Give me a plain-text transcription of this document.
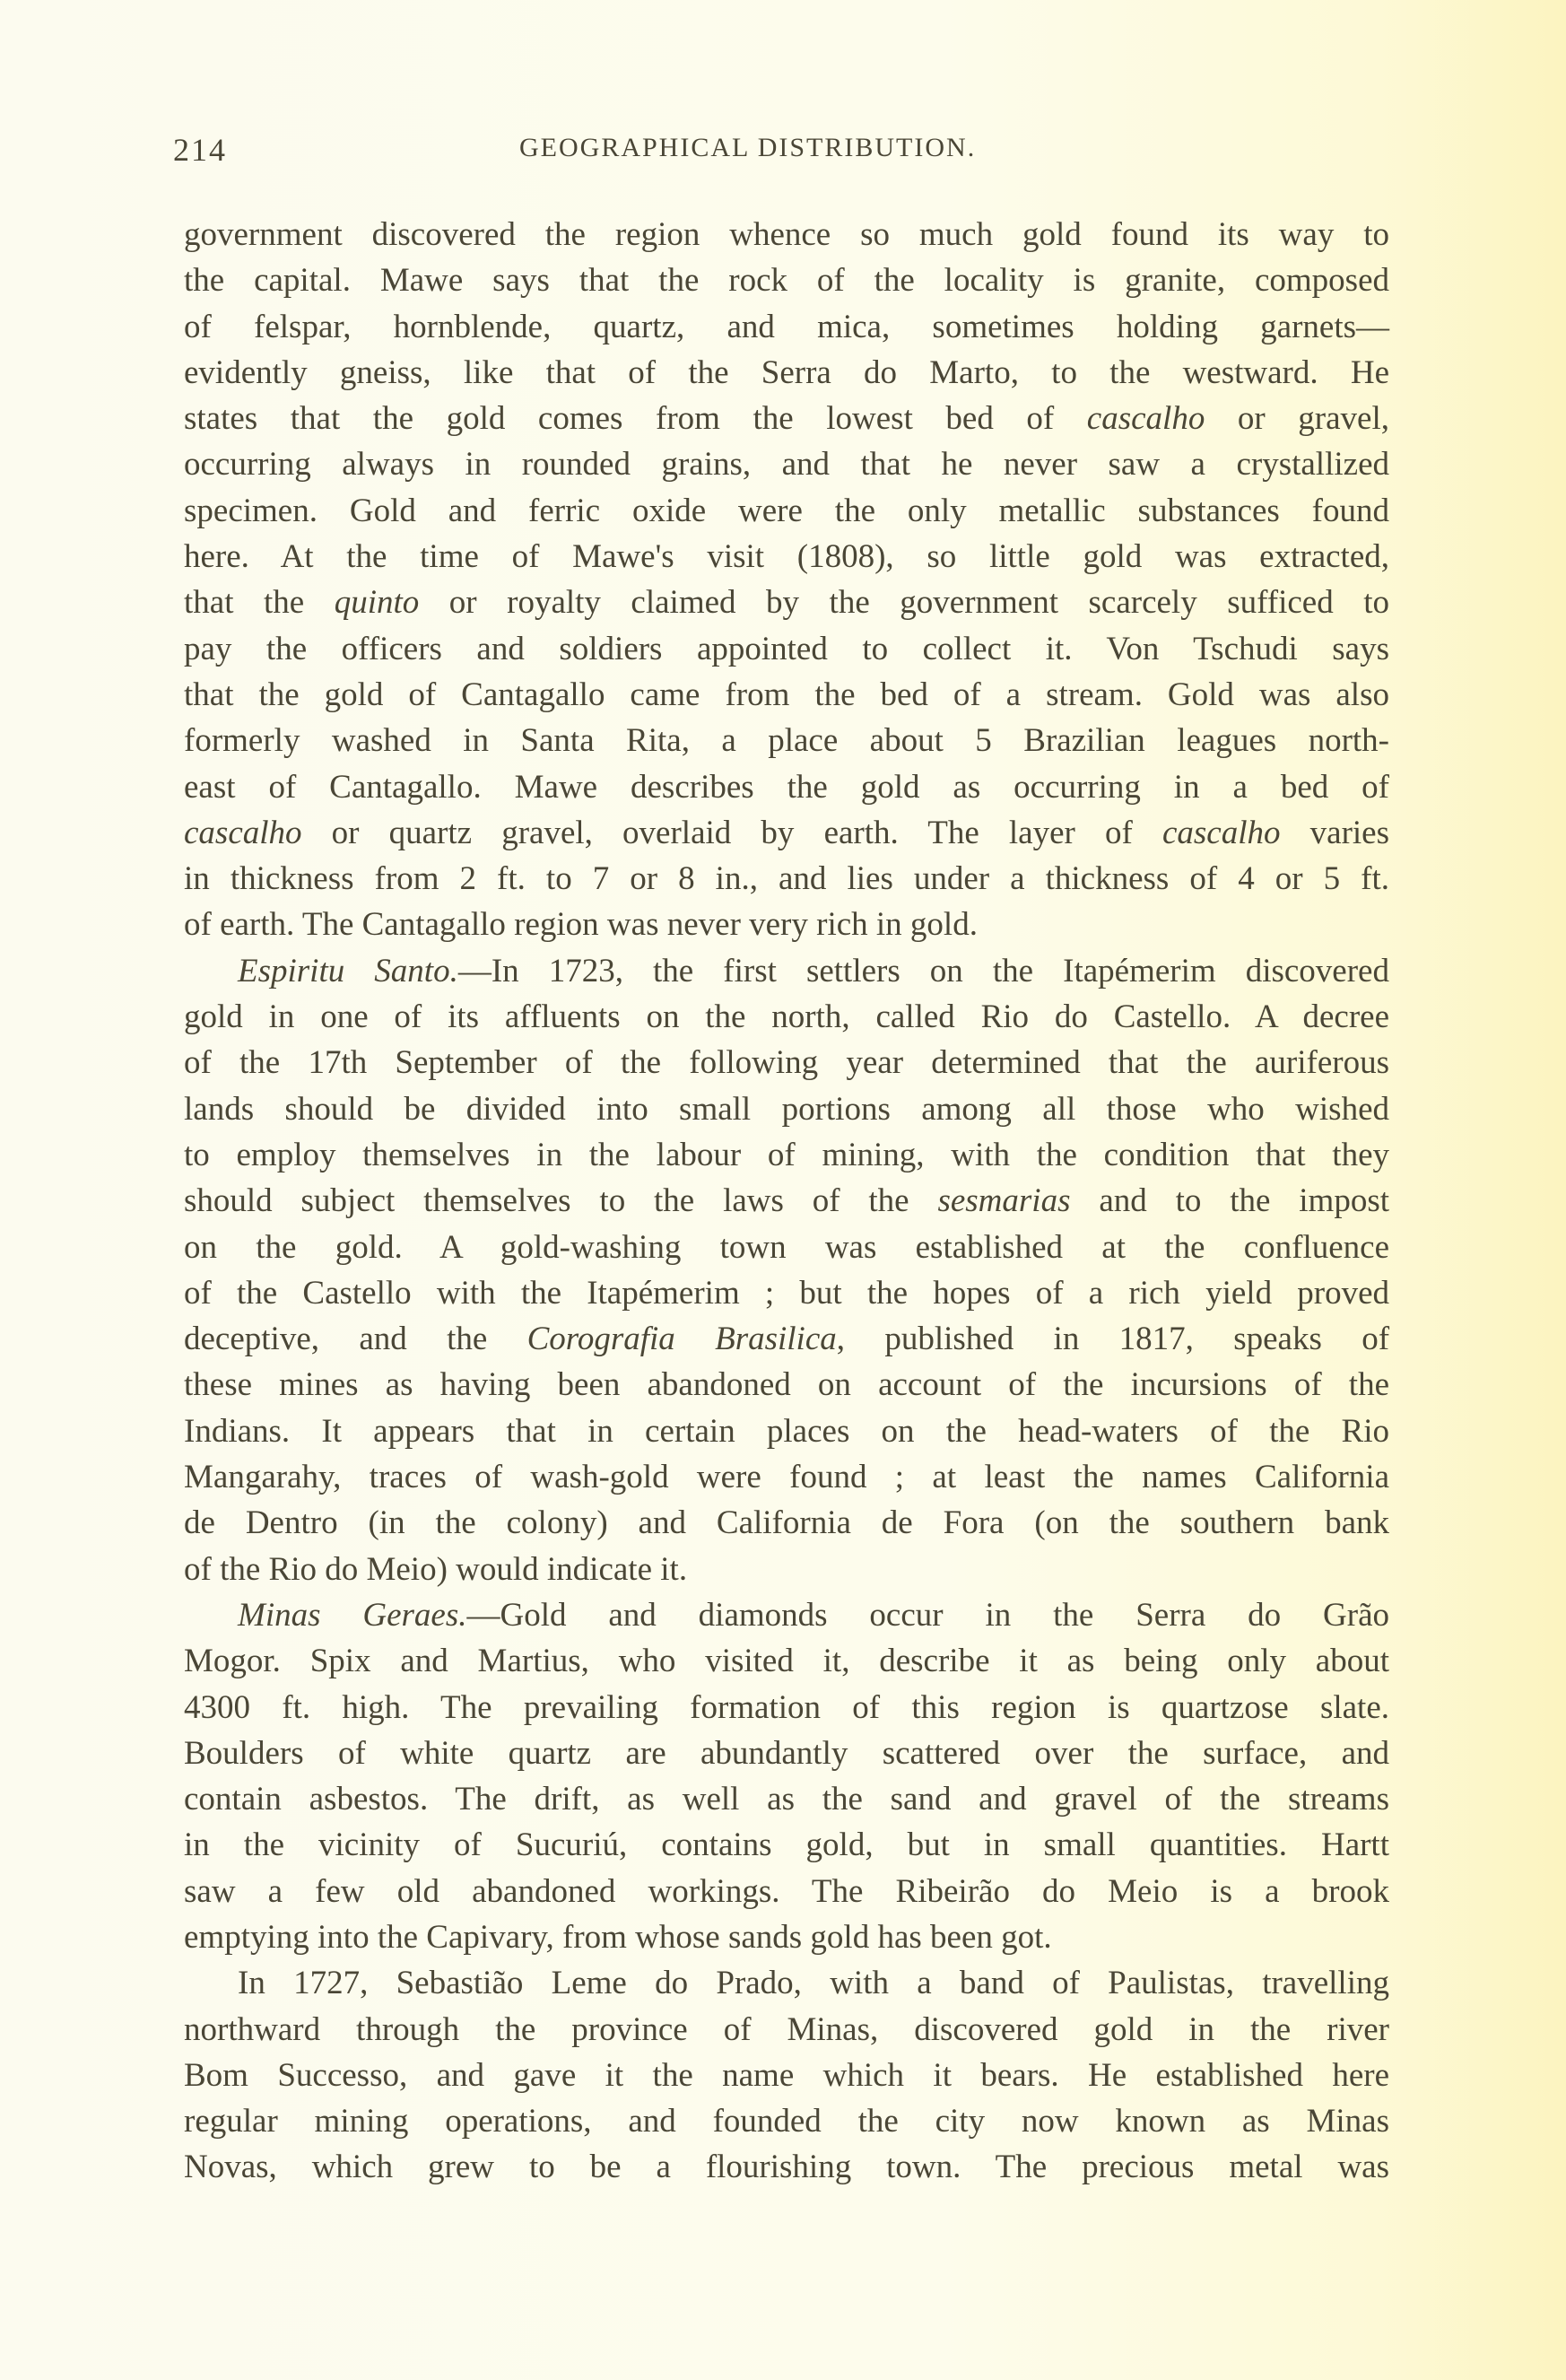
214	GEOGRAPHICAL DISTRIBUTION.
government discovered the region whence so much gold found its way to
the capital. Mawe says that the rock of the locality is granite, composed
of felspar, hornblende, quartz, and mica, sometimes holding garnets—
evidently gneiss, like that of the Serra do Marto, to the westward. He
states that the gold comes from the lowest bed of cascalho or gravel,
occurring always in rounded grains, and that he never saw a crystallized
specimen. Gold and ferric oxide were the only metallic substances found
here. At the time of Mawe's visit (1808), so little gold was extracted,
that the quinto or royalty claimed by the government scarcely sufficed to
pay the officers and soldiers appointed to collect it. Von Tschudi says
that the gold of Cantagallo came from the bed of a stream. Gold was also
formerly washed in Santa Rita, a place about 5 Brazilian leagues north-
east of Cantagallo. Mawe describes the gold as occurring in a bed of
cascalho or quartz gravel, overlaid by earth. The layer of cascalho varies
in thickness from 2 ft. to 7 or 8 in., and lies under a thickness of 4 or 5 ft.
of earth. The Cantagallo region was never very rich in gold.
Espiritu Santo.—In 1723, the first settlers on the Itapémerim discovered
gold in one of its affluents on the north, called Rio do Castello. A decree
of the 17th September of the following year determined that the auriferous
lands should be divided into small portions among all those who wished
to employ themselves in the labour of mining, with the condition that they
should subject themselves to the laws of the sesmarias and to the impost
on the gold. A gold-washing town was established at the confluence
of the Castello with the Itapémerim ; but the hopes of a rich yield proved
deceptive, and the Corografia Brasilica, published in 1817, speaks of
these mines as having been abandoned on account of the incursions of the
Indians. It appears that in certain places on the head-waters of the Rio
Mangarahy, traces of wash-gold were found ; at least the names California
de Dentro (in the colony) and California de Fora (on the southern bank
of the Rio do Meio) would indicate it.
Minas Geraes.—Gold and diamonds occur in the Serra do Grão
Mogor. Spix and Martius, who visited it, describe it as being only about
4300 ft. high. The prevailing formation of this region is quartzose slate.
Boulders of white quartz are abundantly scattered over the surface, and
contain asbestos. The drift, as well as the sand and gravel of the streams
in the vicinity of Sucuriú, contains gold, but in small quantities. Hartt
saw a few old abandoned workings. The Ribeirão do Meio is a brook
emptying into the Capivary, from whose sands gold has been got.
In 1727, Sebastião Leme do Prado, with a band of Paulistas, travelling
northward through the province of Minas, discovered gold in the river
Bom Successo, and gave it the name which it bears. He established here
regular mining operations, and founded the city now known as Minas
Novas, which grew to be a flourishing town. The precious metal was
